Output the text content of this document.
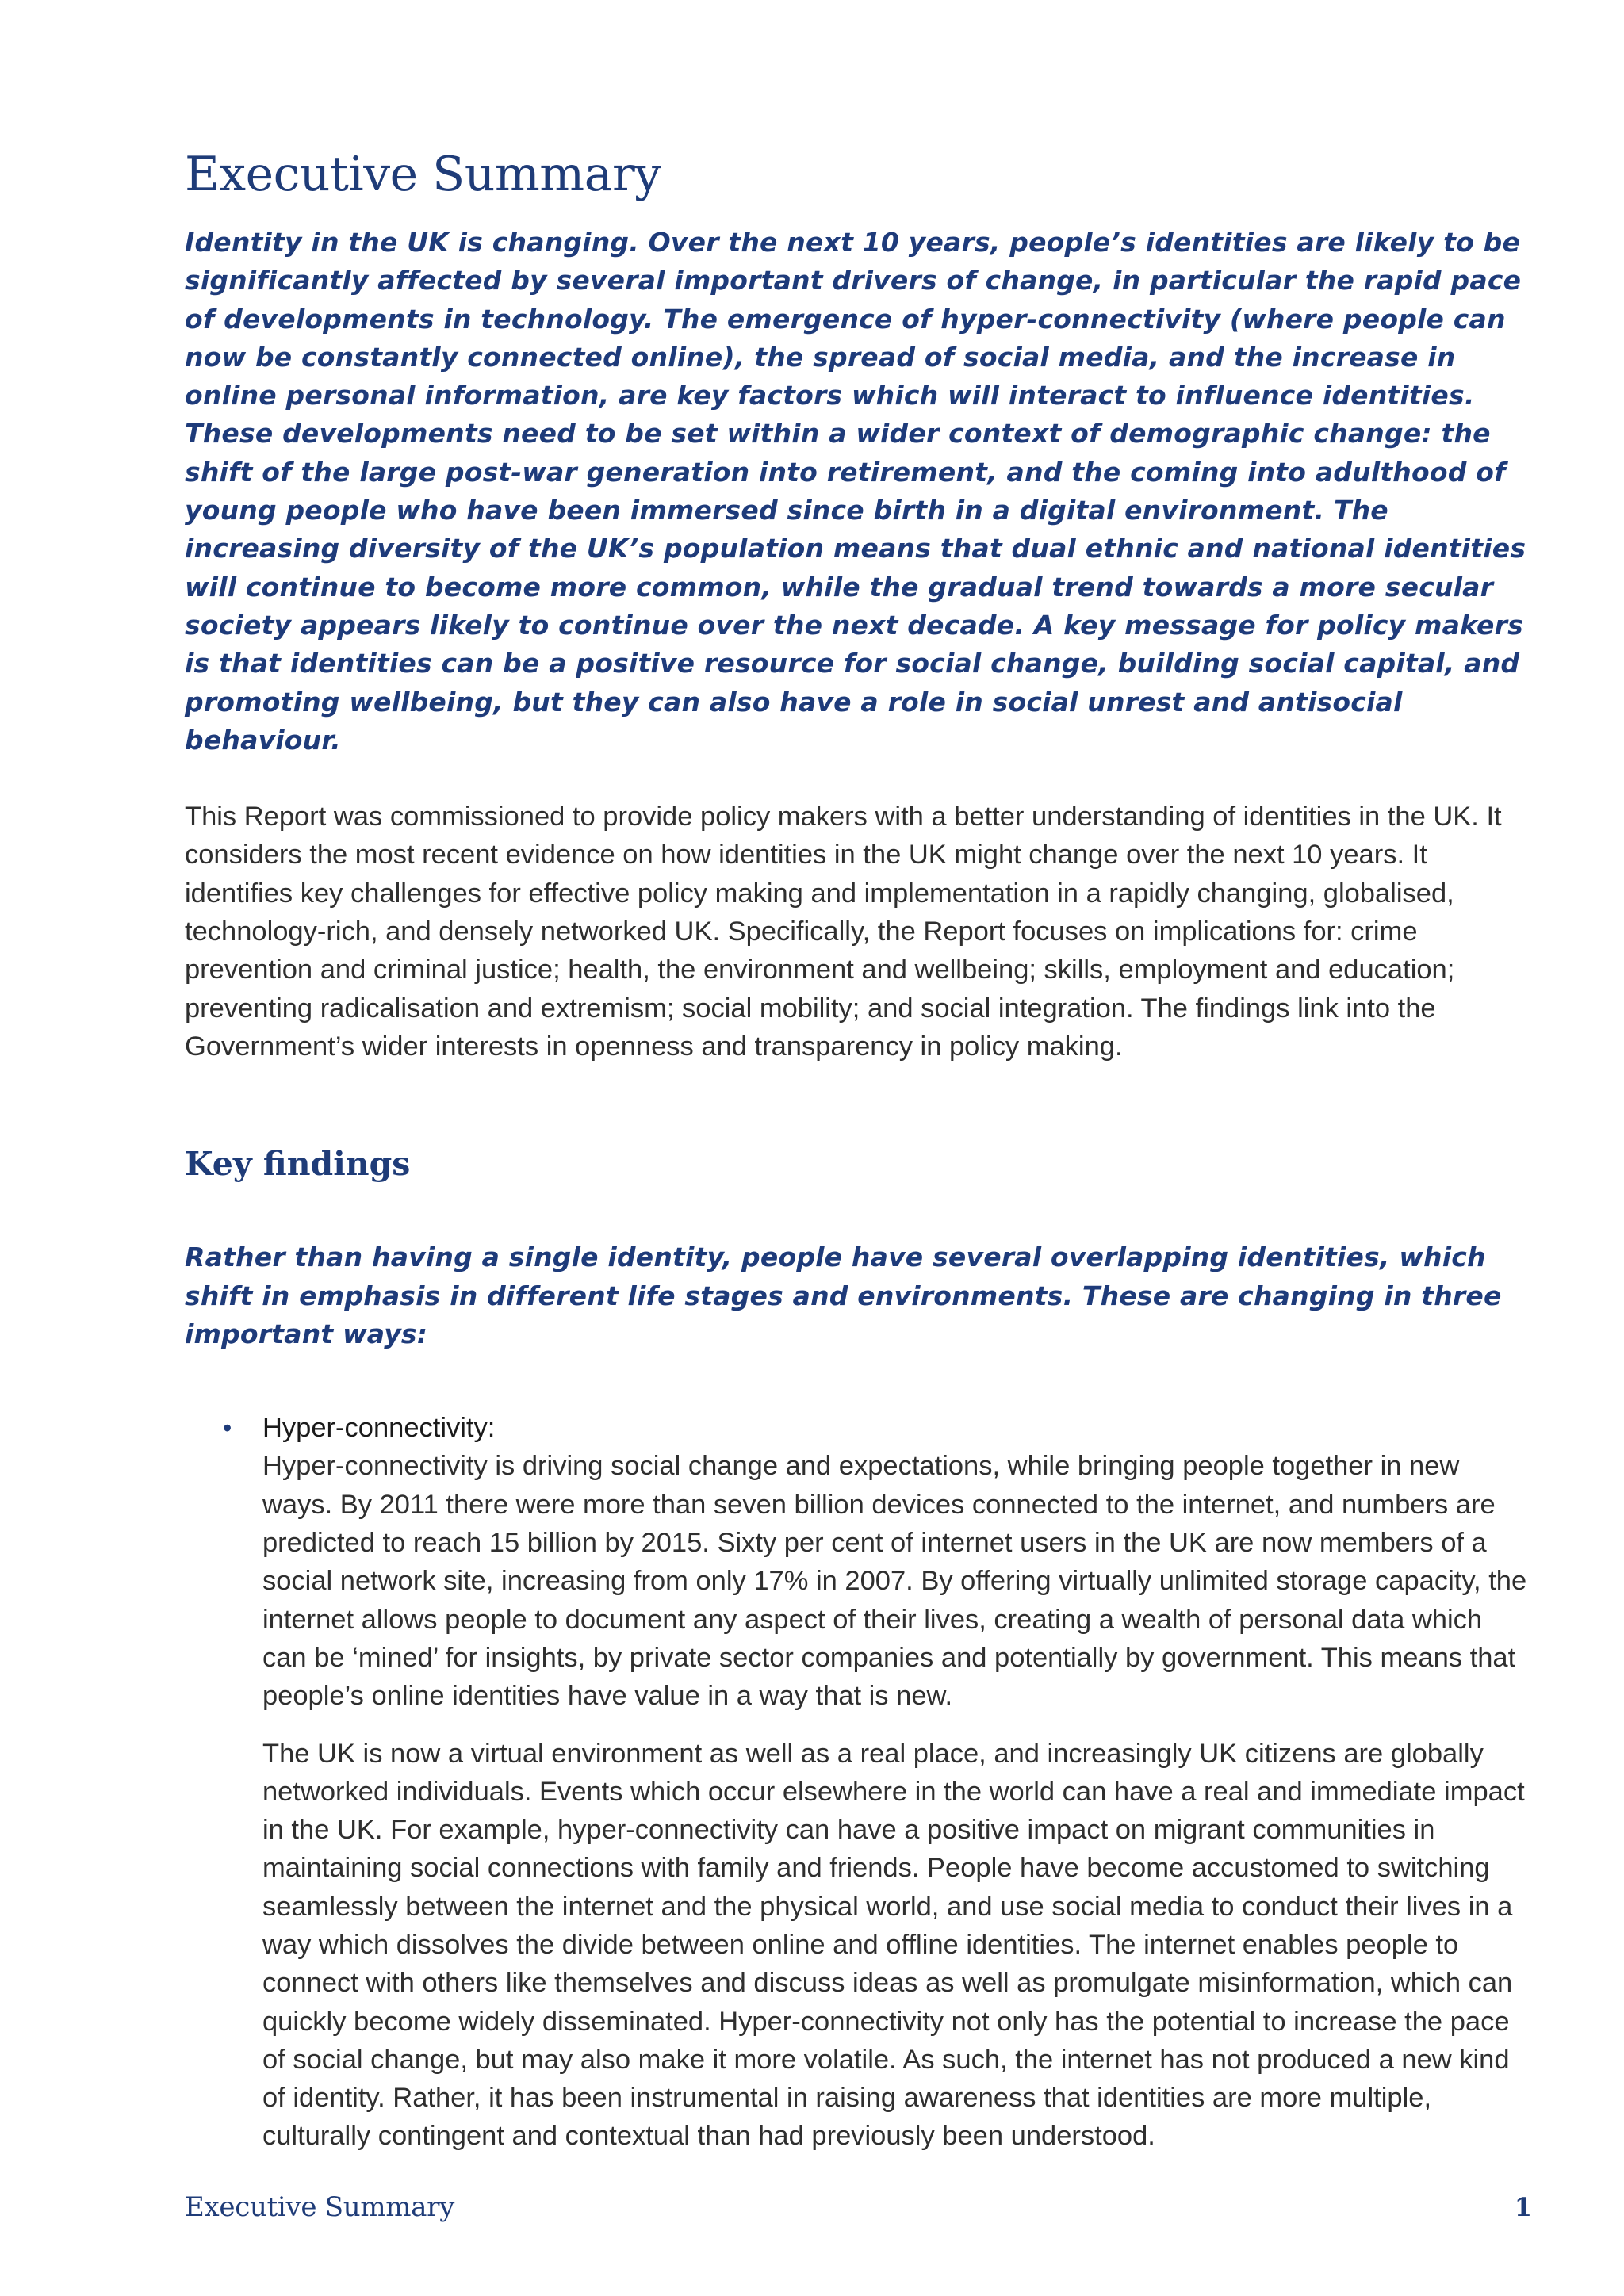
Executive Summary

Identity in the UK is changing. Over the next 10 years, people’s identities are likely to be significantly affected by several important drivers of change, in particular the rapid pace of developments in technology. The emergence of hyper-connectivity (where people can now be constantly connected online), the spread of social media, and the increase in online personal information, are key factors which will interact to influence identities. These developments need to be set within a wider context of demographic change: the shift of the large post-war generation into retirement, and the coming into adulthood of young people who have been immersed since birth in a digital environment. The increasing diversity of the UK’s population means that dual ethnic and national identities will continue to become more common, while the gradual trend towards a more secular society appears likely to continue over the next decade. A key message for policy makers is that identities can be a positive resource for social change, building social capital, and promoting wellbeing, but they can also have a role in social unrest and antisocial behaviour.

This Report was commissioned to provide policy makers with a better understanding of identities in the UK. It considers the most recent evidence on how identities in the UK might change over the next 10 years. It identifies key challenges for effective policy making and implementation in a rapidly changing, globalised, technology-rich, and densely networked UK. Specifically, the Report focuses on implications for: crime prevention and criminal justice; health, the environment and wellbeing; skills, employment and education; preventing radicalisation and extremism; social mobility; and social integration. The findings link into the Government’s wider interests in openness and transparency in policy making.

Key findings

Rather than having a single identity, people have several overlapping identities, which shift in emphasis in different life stages and environments. These are changing in three important ways:

• Hyper-connectivity:

Hyper-connectivity is driving social change and expectations, while bringing people together in new ways. By 2011 there were more than seven billion devices connected to the internet, and numbers are predicted to reach 15 billion by 2015. Sixty per cent of internet users in the UK are now members of a social network site, increasing from only 17% in 2007. By offering virtually unlimited storage capacity, the internet allows people to document any aspect of their lives, creating a wealth of personal data which can be ‘mined’ for insights, by private sector companies and potentially by government. This means that people’s online identities have value in a way that is new.

The UK is now a virtual environment as well as a real place, and increasingly UK citizens are globally networked individuals. Events which occur elsewhere in the world can have a real and immediate impact in the UK. For example, hyper-connectivity can have a positive impact on migrant communities in maintaining social connections with family and friends. People have become accustomed to switching seamlessly between the internet and the physical world, and use social media to conduct their lives in a way which dissolves the divide between online and offline identities. The internet enables people to connect with others like themselves and discuss ideas as well as promulgate misinformation, which can quickly become widely disseminated. Hyper-connectivity not only has the potential to increase the pace of social change, but may also make it more volatile. As such, the internet has not produced a new kind of identity. Rather, it has been instrumental in raising awareness that identities are more multiple, culturally contingent and contextual than had previously been understood.

Executive Summary	1
